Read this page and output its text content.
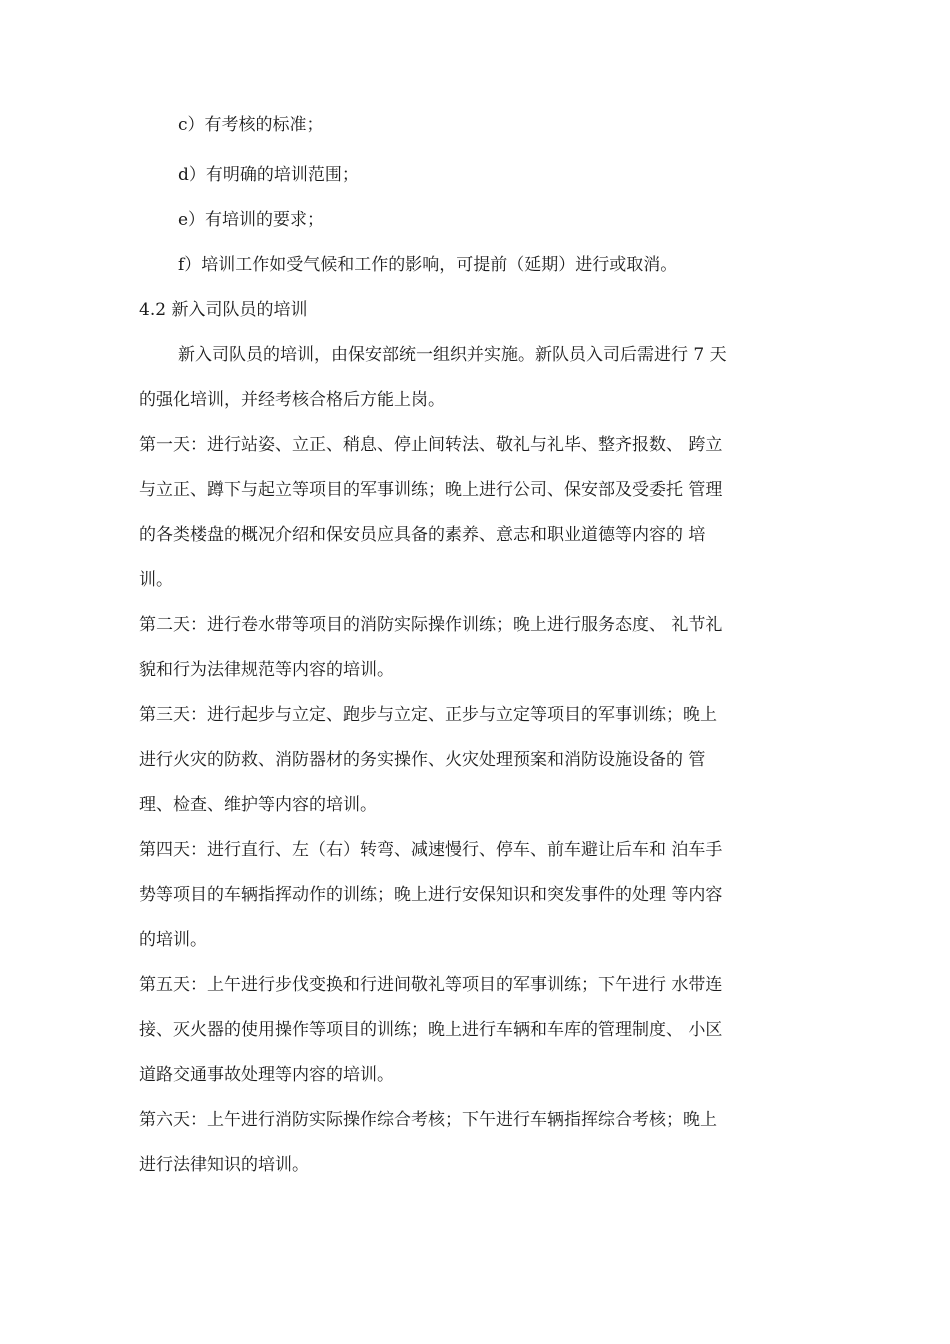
c）有考核的标准；

d）有明确的培训范围；

e）有培训的要求；

f）培训工作如受气候和工作的影响，可提前（延期）进行或取消。

4.2 新入司队员的培训

新入司队员的培训，由保安部统一组织并实施。新队员入司后需进行 7 天

的强化培训，并经考核合格后方能上岗。

第一天：进行站姿、立正、稍息、停止间转法、敬礼与礼毕、整齐报数、 跨立

与立正、蹲下与起立等项目的军事训练；晚上进行公司、保安部及受委托 管理

的各类楼盘的概况介绍和保安员应具备的素养、意志和职业道德等内容的 培

训。

第二天：进行卷水带等项目的消防实际操作训练；晚上进行服务态度、 礼节礼

貌和行为法律规范等内容的培训。

第三天：进行起步与立定、跑步与立定、正步与立定等项目的军事训练；晚上

进行火灾的防救、消防器材的务实操作、火灾处理预案和消防设施设备的 管

理、检查、维护等内容的培训。

第四天：进行直行、左（右）转弯、减速慢行、停车、前车避让后车和 泊车手

势等项目的车辆指挥动作的训练；晚上进行安保知识和突发事件的处理 等内容

的培训。

第五天：上午进行步伐变换和行进间敬礼等项目的军事训练；下午进行 水带连

接、灭火器的使用操作等项目的训练；晚上进行车辆和车库的管理制度、 小区

道路交通事故处理等内容的培训。

第六天：上午进行消防实际操作综合考核；下午进行车辆指挥综合考核；晚上

进行法律知识的培训。
